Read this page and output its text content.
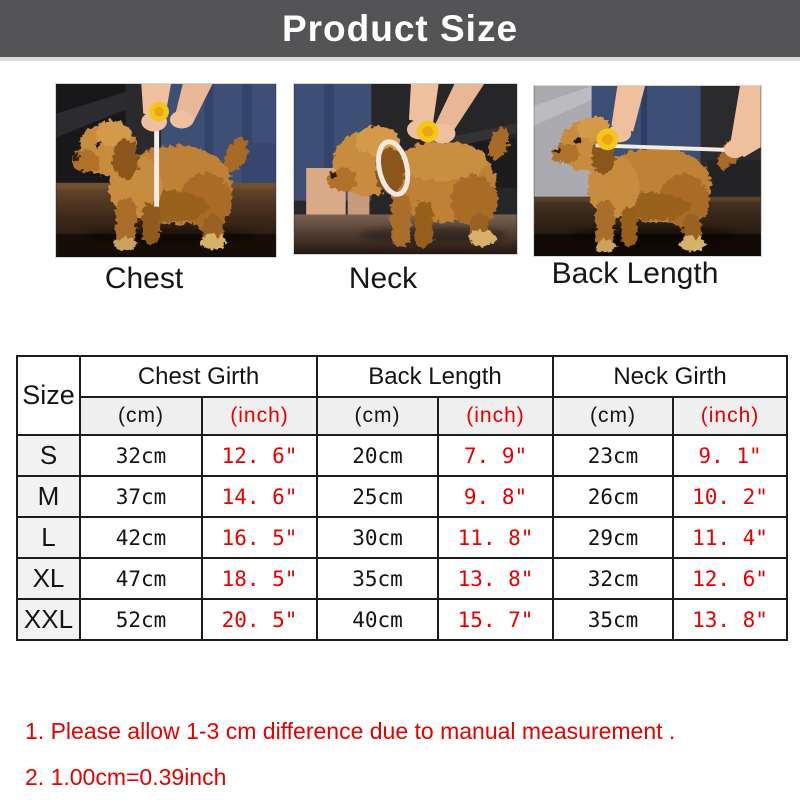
Product Size
Chest	Neck	Back Length
Size	Chest Girth		Back Length		Neck Girth	
	(cm)	(inch)	(cm)	(inch)	(cm)	(inch)
S	32cm	12. 6"	20cm	7. 9"	23cm	9. 1"
M	37cm	14. 6"	25cm	9. 8"	26cm	10. 2"
L	42cm	16. 5"	30cm	11. 8"	29cm	11. 4"
XL	47cm	18. 5"	35cm	13. 8"	32cm	12. 6"
XXL	52cm	20. 5"	40cm	15. 7"	35cm	13. 8"
1. Please allow 1-3 cm difference due to manual measurement .
2. 1.00cm=0.39inch
